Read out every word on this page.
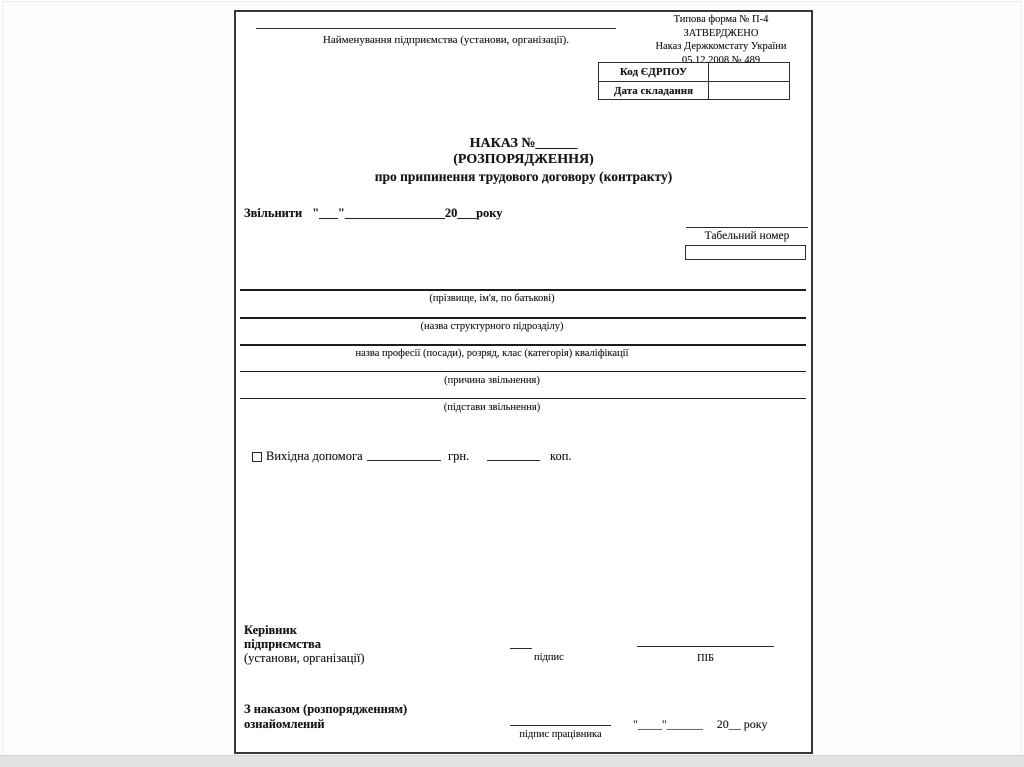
Найменування підприємства (установи, організації).
Типова форма № П-4
ЗАТВЕРДЖЕНО
Наказ Держкомстату України
05.12.2008 № 489
Код ЄДРПОУ
Дата складання
НАКАЗ №______
(РОЗПОРЯДЖЕННЯ)
про припинення трудового договору (контракту)
Звільнити "___"________________20___року
Табельний номер
(прізвище, ім'я, по батькові)
(назва структурного підрозділу)
назва професії (посади), розряд, клас (категорія) кваліфікації
(причина звільнення)
(підстави звільнення)
Вихідна допомога	грн.	коп.
Керівник
підприємства
(установи, організації)	підпис	ПІБ
З наказом (розпорядженням)
ознайомлений
підпис працівника
"____"______ 20__ року
